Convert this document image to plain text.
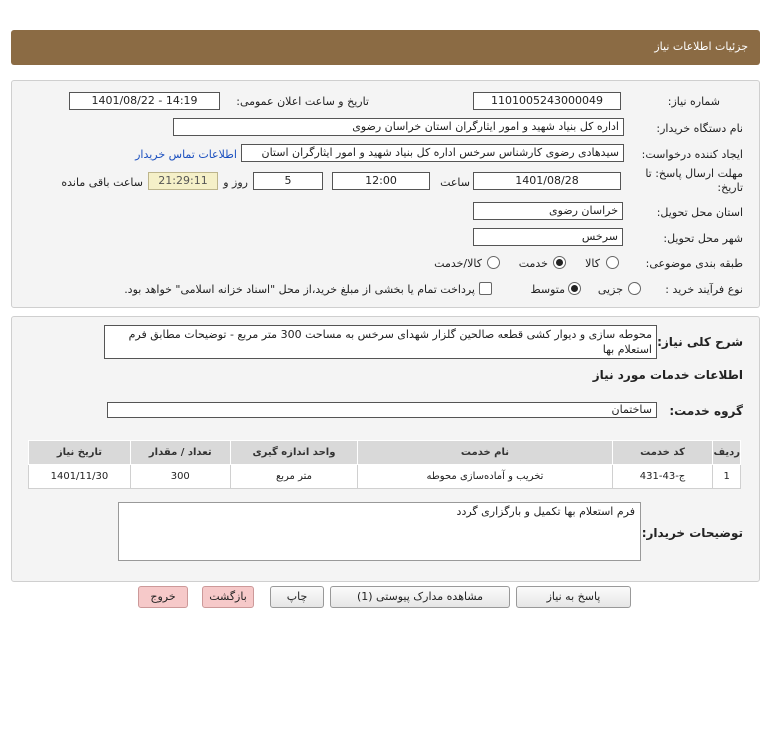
جزئیات اطلاعات نیاز
شماره نیاز:
1101005243000049
تاریخ و ساعت اعلان عمومی:
1401/08/22 - 14:19
نام دستگاه خریدار:
اداره کل بنیاد شهید و امور ایثارگران استان خراسان رضوی
ایجاد کننده درخواست:
سیدهادی رضوی کارشناس سرخس اداره کل بنیاد شهید و امور ایثارگران استان
اطلاعات تماس خریدار
مهلت ارسال پاسخ: تا
تاریخ:
1401/08/28
ساعت
12:00
5
روز و
21:29:11
ساعت باقی مانده
استان محل تحویل:
خراسان رضوی
شهر محل تحویل:
سرخس
طبقه بندی موضوعی:
کالا
خدمت
کالا/خدمت
نوع فرآیند خرید :
جزیی
متوسط
پرداخت تمام یا بخشی از مبلغ خرید،از محل "اسناد خزانه اسلامی" خواهد بود.
شرح کلی نیاز:
محوطه سازی و دیوار کشی قطعه صالحین گلزار شهدای سرخس به مساحت 300 متر مربع - توضیحات مطابق فرم استعلام بها
اطلاعات خدمات مورد نیاز
گروه خدمت:
ساختمان
ردیف	کد خدمت	نام خدمت	واحد اندازه گیری	تعداد / مقدار	تاریخ نیاز
1	ج-43-431	تخریب و آماده‌سازی محوطه	متر مربع	300	1401/11/30
توضیحات خریدار:
فرم استعلام بها تکمیل و بارگزاری گردد
پاسخ به نیاز
مشاهده مدارک پیوستی (1)
چاپ
بازگشت
خروج
